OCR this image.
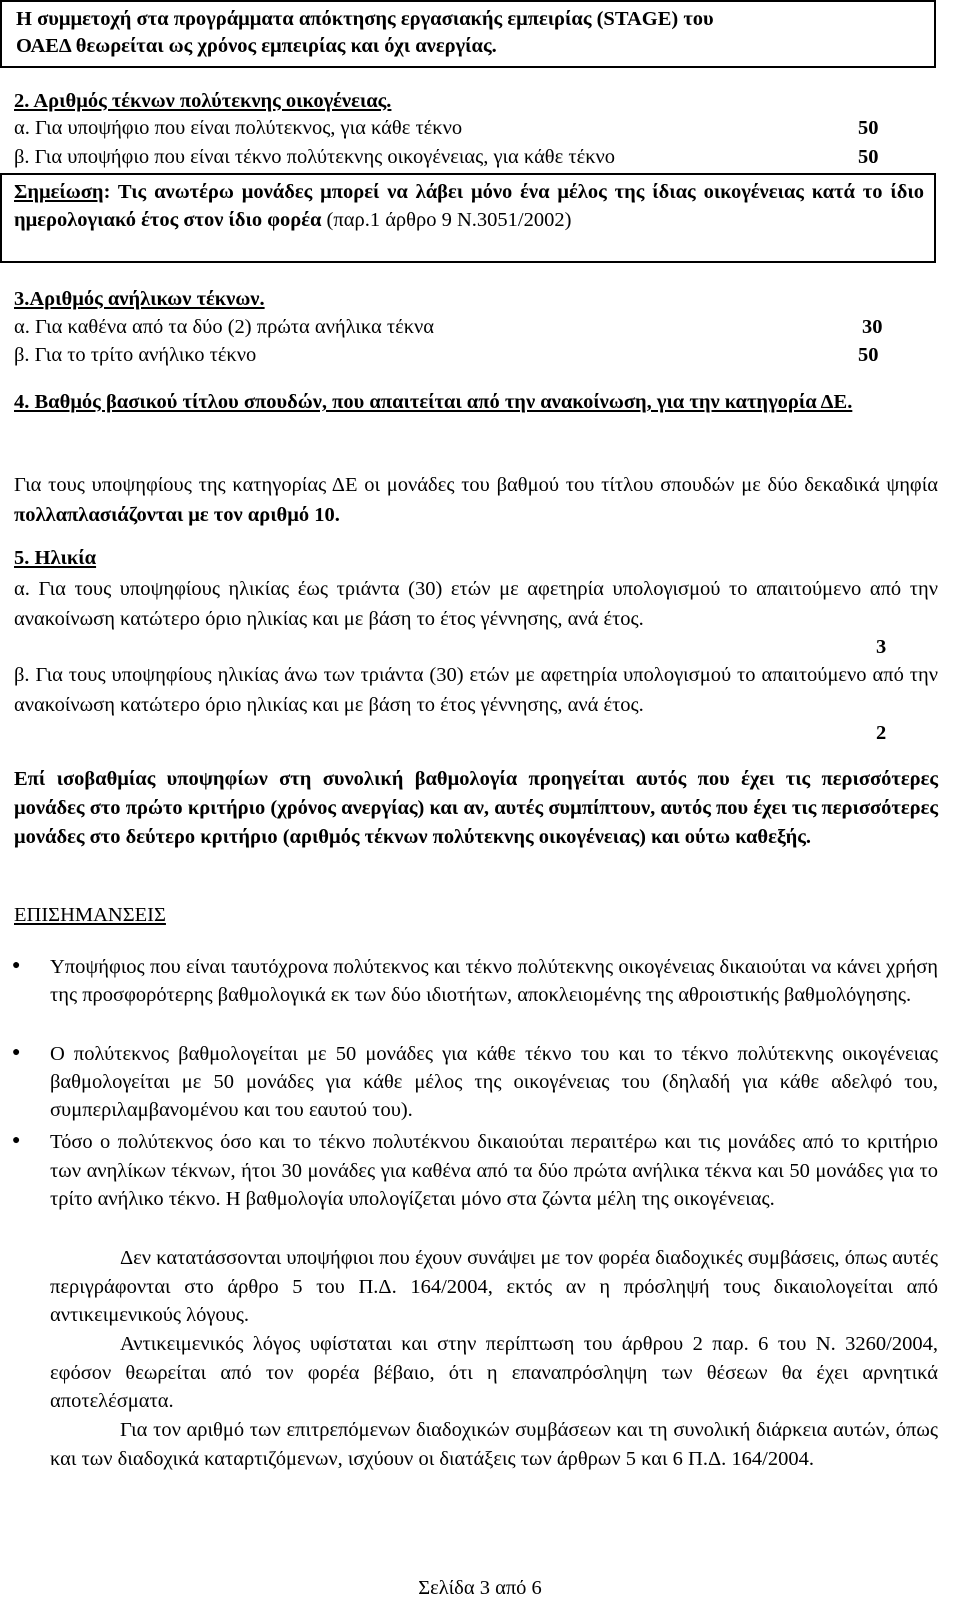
Η συμμετοχή στα προγράμματα απόκτησης εργασιακής εμπειρίας (STAGE) του
ΟΑΕΔ θεωρείται ως χρόνος εμπειρίας και όχι ανεργίας.
2. Αριθμός τέκνων πολύτεκνης οικογένειας.
α. Για υποψήφιο που είναι πολύτεκνος, για κάθε τέκνο	50
β. Για υποψήφιο που είναι τέκνο πολύτεκνης οικογένειας, για κάθε τέκνο	50
Σημείωση: Τις ανωτέρω μονάδες μπορεί να λάβει μόνο ένα μέλος της ίδιας οικογένειας κατά το ίδιο ημερολογιακό έτος στον ίδιο φορέα (παρ.1 άρθρο 9 Ν.3051/2002)
3.Αριθμός ανήλικων τέκνων.
α. Για καθένα από τα δύο (2) πρώτα ανήλικα τέκνα	30
β. Για το τρίτο ανήλικο τέκνο	50
4. Βαθμός βασικού τίτλου σπουδών, που απαιτείται από την ανακοίνωση, για την κατηγορία ΔΕ.
Για τους υποψηφίους της κατηγορίας ΔΕ οι μονάδες του βαθμού του τίτλου σπουδών με δύο δεκαδικά ψηφία πολλαπλασιάζονται με τον αριθμό 10.
5. Ηλικία
α. Για τους υποψηφίους ηλικίας έως τριάντα (30) ετών με αφετηρία υπολογισμού το απαιτούμενο από την ανακοίνωση κατώτερο όριο ηλικίας και με βάση το έτος γέννησης, ανά έτος.
3
β. Για τους υποψηφίους ηλικίας άνω των τριάντα (30) ετών με αφετηρία υπολογισμού το απαιτούμενο από την ανακοίνωση κατώτερο όριο ηλικίας και με βάση το έτος γέννησης, ανά έτος.
2
Επί ισοβαθμίας υποψηφίων στη συνολική βαθμολογία προηγείται αυτός που έχει τις περισσότερες μονάδες στο πρώτο κριτήριο (χρόνος ανεργίας) και αν, αυτές συμπίπτουν, αυτός που έχει τις περισσότερες μονάδες στο δεύτερο κριτήριο (αριθμός τέκνων πολύτεκνης οικογένειας) και ούτω καθεξής.
ΕΠΙΣΗΜΑΝΣΕΙΣ
● Υποψήφιος που είναι ταυτόχρονα πολύτεκνος και τέκνο πολύτεκνης οικογένειας δικαιούται να κάνει χρήση της προσφορότερης βαθμολογικά εκ των δύο ιδιοτήτων, αποκλειομένης της αθροιστικής βαθμολόγησης.
● Ο πολύτεκνος βαθμολογείται με 50 μονάδες για κάθε τέκνο του και το τέκνο πολύτεκνης οικογένειας βαθμολογείται με 50 μονάδες για κάθε μέλος της οικογένειας του (δηλαδή για κάθε αδελφό του, συμπεριλαμβανομένου και του εαυτού του).
● Τόσο ο πολύτεκνος όσο και το τέκνο πολυτέκνου δικαιούται περαιτέρω και τις μονάδες από το κριτήριο των ανηλίκων τέκνων, ήτοι 30 μονάδες για καθένα από τα δύο πρώτα ανήλικα τέκνα και 50 μονάδες για το τρίτο ανήλικο τέκνο. Η βαθμολογία υπολογίζεται μόνο στα ζώντα μέλη της οικογένειας.
Δεν κατατάσσονται υποψήφιοι που έχουν συνάψει με τον φορέα διαδοχικές συμβάσεις, όπως αυτές περιγράφονται στο άρθρο 5 του Π.Δ. 164/2004, εκτός αν η πρόσληψή τους δικαιολογείται από αντικειμενικούς λόγους.
Αντικειμενικός λόγος υφίσταται και στην περίπτωση του άρθρου 2 παρ. 6 του Ν. 3260/2004, εφόσον θεωρείται από τον φορέα βέβαιο, ότι η επαναπρόσληψη των θέσεων θα έχει αρνητικά αποτελέσματα.
Για τον αριθμό των επιτρεπόμενων διαδοχικών συμβάσεων και τη συνολική διάρκεια αυτών, όπως και των διαδοχικά καταρτιζόμενων, ισχύουν οι διατάξεις των άρθρων 5 και 6 Π.Δ. 164/2004.
Σελίδα 3 από 6
